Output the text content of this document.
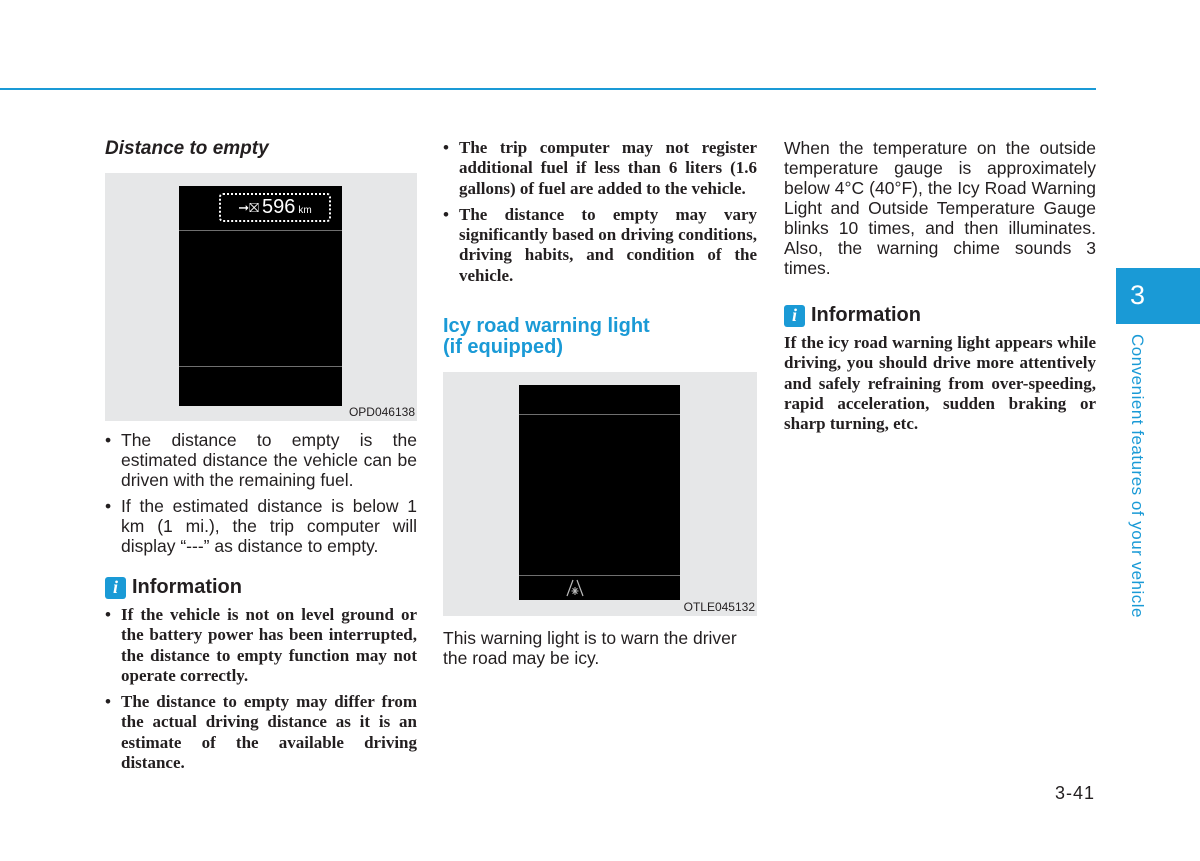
Distance to empty
➞⛝ 596 km
OPD046138
• The distance to empty is the estimated distance the vehicle can be driven with the remaining fuel.
• If the estimated distance is below 1 km (1 mi.), the trip computer will display “---” as distance to empty.
i Information
• If the vehicle is not on level ground or the battery power has been interrupted, the distance to empty function may not operate correctly.
• The distance to empty may differ from the actual driving distance as it is an estimate of the available driving distance.
• The trip computer may not register additional fuel if less than 6 liters (1.6 gallons) of fuel are added to the vehicle.
• The distance to empty may vary significantly based on driving conditions, driving habits, and condition of the vehicle.
Icy road warning light
(if equipped)
OTLE045132

This warning light is to warn the driver the road may be icy.

When the temperature on the outside temperature gauge is approximately below 4°C (40°F), the Icy Road Warning Light and Outside Temperature Gauge blinks 10 times, and then illuminates. Also, the warning chime sounds 3 times.

i Information

If the icy road warning light appears while driving, you should drive more attentively and safely refraining from over-speeding, rapid acceleration, sudden braking or sharp turning, etc.

3
Convenient features of your vehicle
3-41
